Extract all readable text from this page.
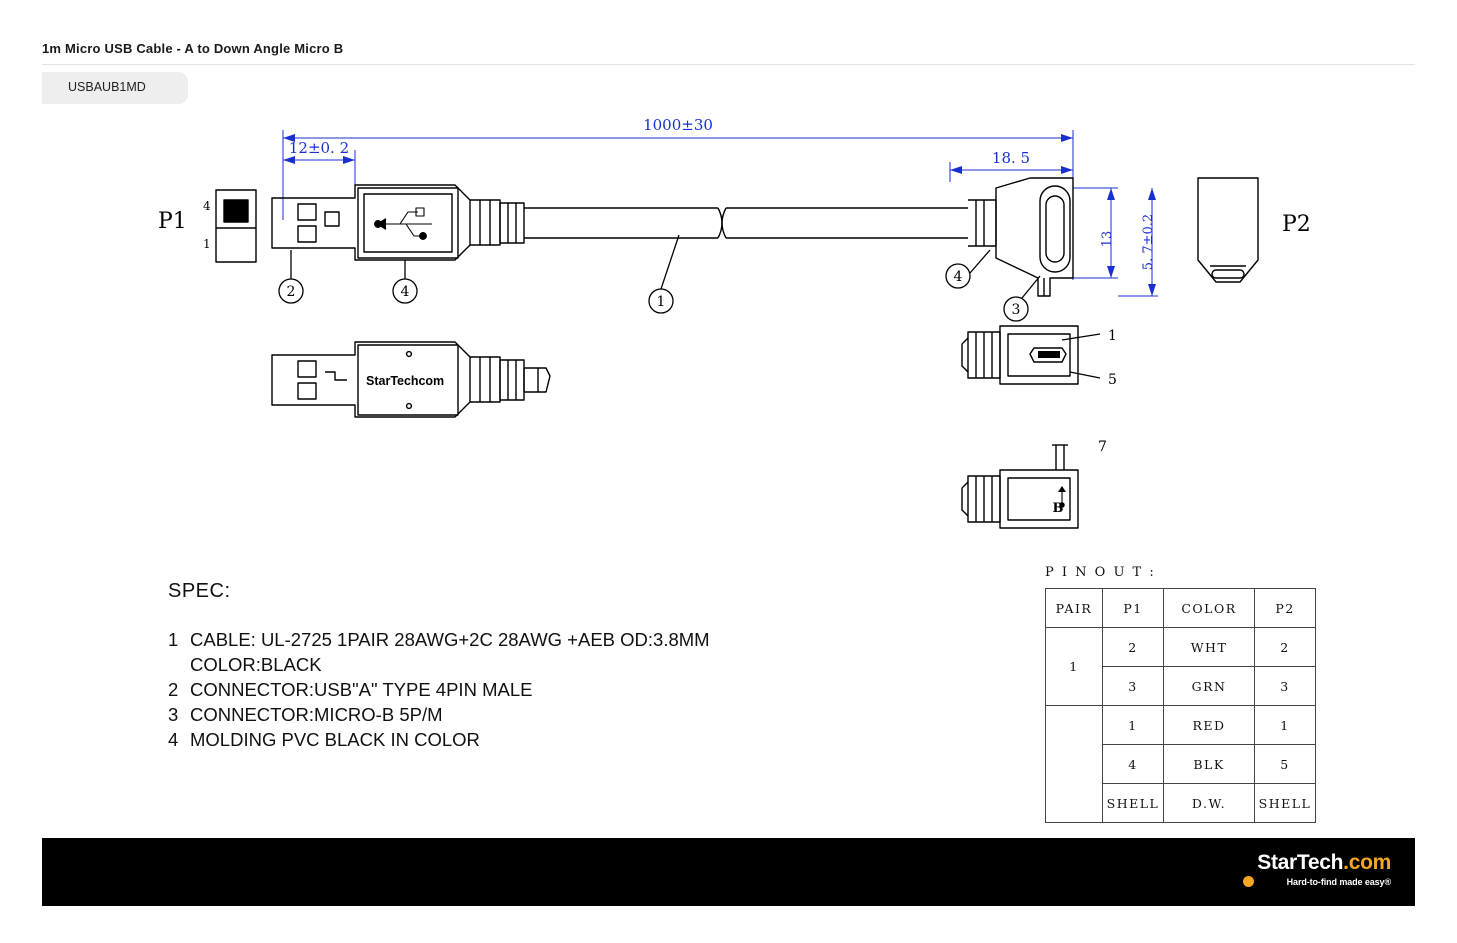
1m Micro USB Cable - A to Down Angle Micro B
USBAUB1MD
1000±30
12±0. 2
18. 5
13 5. 7±0.2
P1	P2
4
1
2	4
1
4
3
1
5
7
B
StarTech
.com
SPEC:
1 CABLE: UL-2725 1PAIR 28AWG+2C 28AWG +AEB OD:3.8MM
COLOR:BLACK
2 CONNECTOR:USB"A" TYPE 4PIN MALE
3 CONNECTOR:MICRO-B 5P/M
4 MOLDING PVC BLACK IN COLOR
P I N O U T :
PAIR	P1	COLOR	P2
1	2	WHT	2
	3	GRN	3
	1	RED	1
	4	BLK	5
	SHELL	D.W.	SHELL
StarTech.com
Hard-to-find made easy®
